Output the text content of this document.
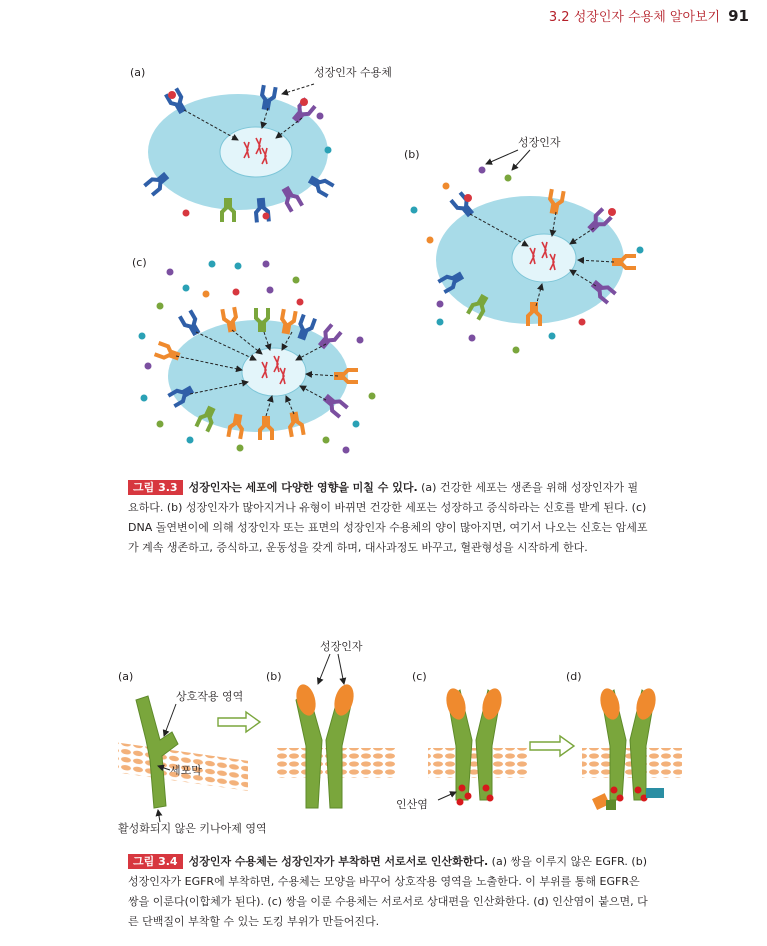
3.2 성장인자 수용체 알아보기 91
(a)	성장인자 수용체
(b)
성장인자
(c)
그림 3.3 성장인자는 세포에 다양한 영향을 미칠 수 있다. (a) 건강한 세포는 생존을 위해 성장인자가 필요하다. (b) 성장인자가 많아지거나 유형이 바뀌면 건강한 세포는 성장하고 증식하라는 신호를 받게 된다. (c) DNA 돌연변이에 의해 성장인자 또는 표면의 성장인자 수용체의 양이 많아지면, 여기서 나오는 신호는 암세포가 계속 생존하고, 증식하고, 운동성을 갖게 하며, 대사과정도 바꾸고, 혈관형성을 시작하게 한다.
성장인자
(a)	(b)	(c)	(d)
상호작용 영역
세포막
활성화되지 않은 키나아제 영역
인산염
그림 3.4 성장인자 수용체는 성장인자가 부착하면 서로서로 인산화한다. (a) 쌍을 이루지 않은 EGFR. (b) 성장인자가 EGFR에 부착하면, 수용체는 모양을 바꾸어 상호작용 영역을 노출한다. 이 부위를 통해 EGFR은 쌍을 이룬다(이합체가 된다). (c) 쌍을 이룬 수용체는 서로서로 상대편을 인산화한다. (d) 인산염이 붙으면, 다른 단백질이 부착할 수 있는 도킹 부위가 만들어진다.
